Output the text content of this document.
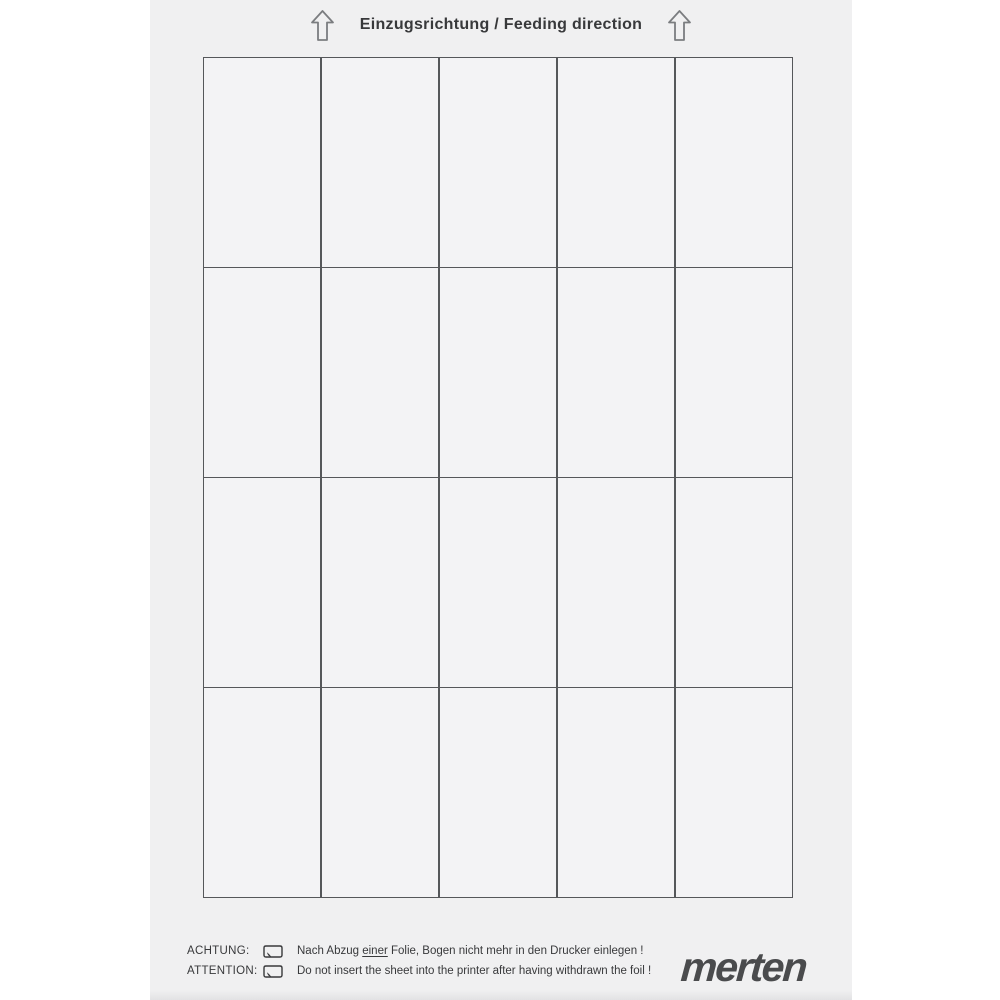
Einzugsrichtung / Feeding direction
ACHTUNG:	Nach Abzug einer Folie, Bogen nicht mehr in den Drucker einlegen !
ATTENTION:	Do not insert the sheet into the printer after having withdrawn the foil ! merten
